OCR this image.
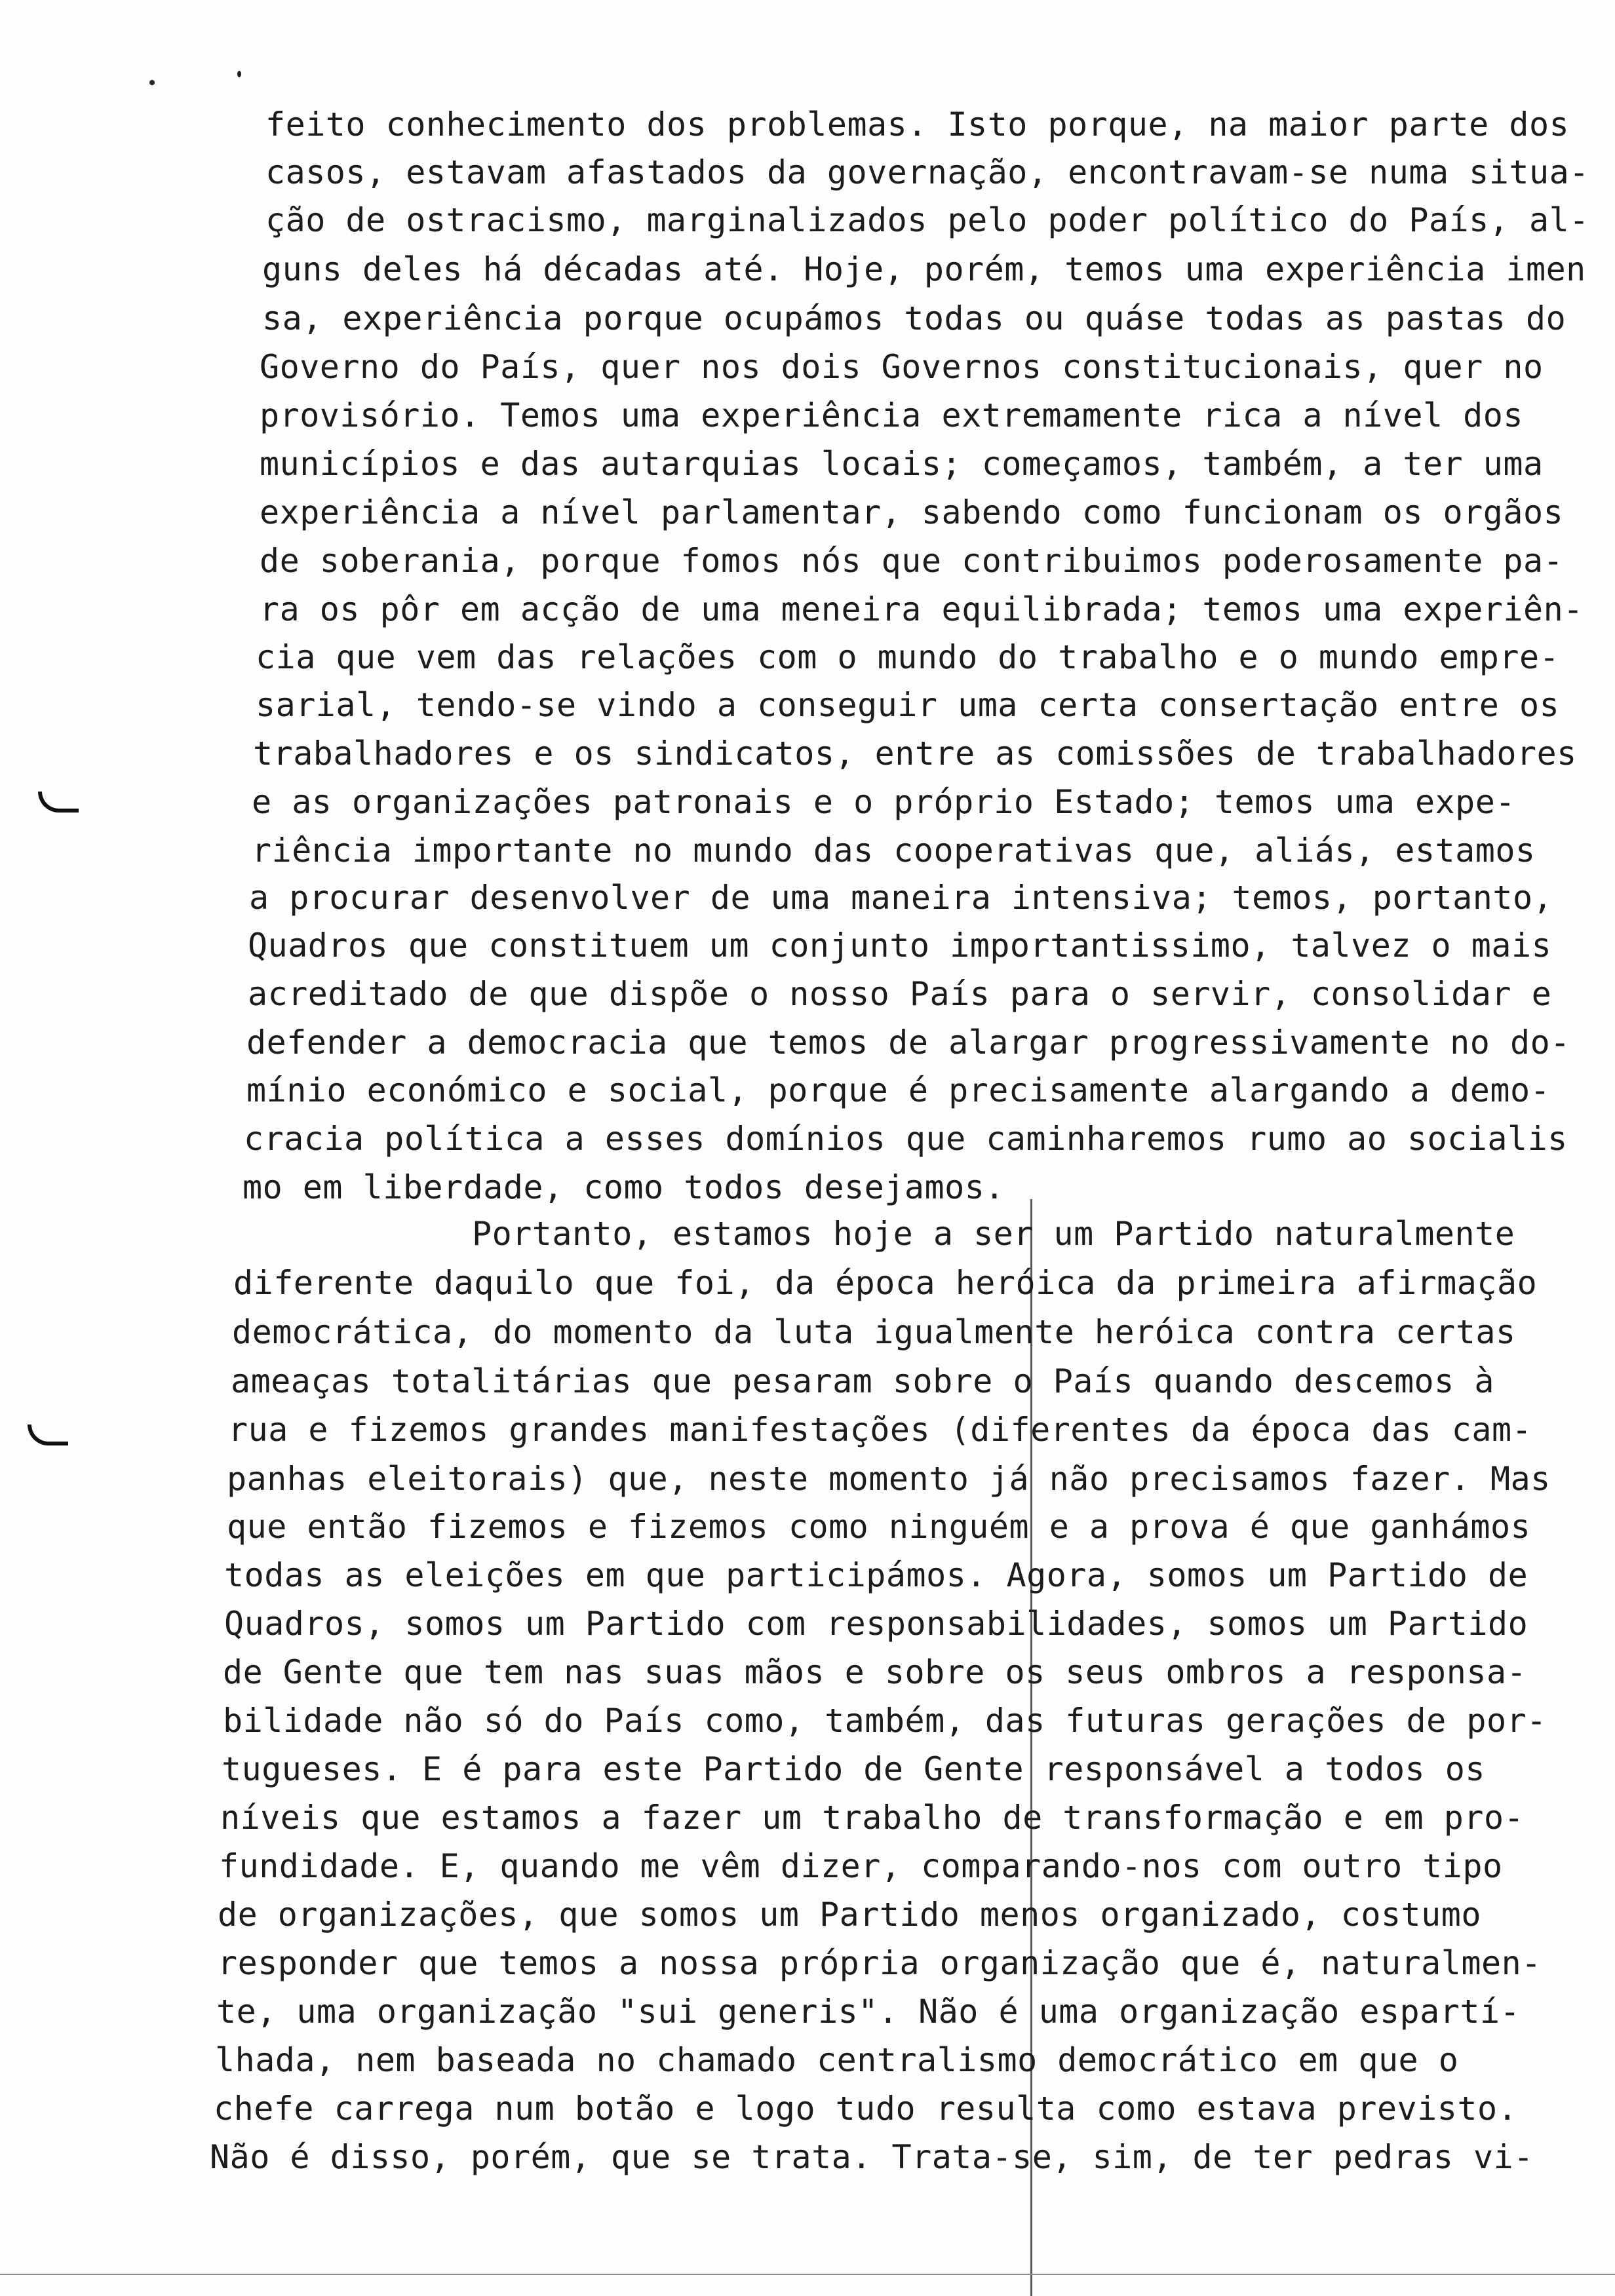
feito conhecimento dos problemas. Isto porque, na maior parte dos
casos, estavam afastados da governação, encontravam-se numa situa-
ção de ostracismo, marginalizados pelo poder político do País, al-
guns deles há décadas até. Hoje, porém, temos uma experiência imen
sa, experiência porque ocupámos todas ou quáse todas as pastas do
Governo do País, quer nos dois Governos constitucionais, quer no
provisório. Temos uma experiência extremamente rica a nível dos
municípios e das autarquias locais; começamos, também, a ter uma
experiência a nível parlamentar, sabendo como funcionam os orgãos
de soberania, porque fomos nós que contribuimos poderosamente pa-
ra os pôr em acção de uma meneira equilibrada; temos uma experiên-
cia que vem das relações com o mundo do trabalho e o mundo empre-
sarial, tendo-se vindo a conseguir uma certa consertação entre os
trabalhadores e os sindicatos, entre as comissões de trabalhadores
e as organizações patronais e o próprio Estado; temos uma expe-
riência importante no mundo das cooperativas que, aliás, estamos
a procurar desenvolver de uma maneira intensiva; temos, portanto,
Quadros que constituem um conjunto importantissimo, talvez o mais
acreditado de que dispõe o nosso País para o servir, consolidar e
defender a democracia que temos de alargar progressivamente no do-
mínio económico e social, porque é precisamente alargando a demo-
cracia política a esses domínios que caminharemos rumo ao socialis
mo em liberdade, como todos desejamos.
Portanto, estamos hoje a ser um Partido naturalmente
diferente daquilo que foi, da época heróica da primeira afirmação
democrática, do momento da luta igualmente heróica contra certas
ameaças totalitárias que pesaram sobre o País quando descemos à
rua e fizemos grandes manifestações (diferentes da época das cam-
panhas eleitorais) que, neste momento já não precisamos fazer. Mas
que então fizemos e fizemos como ninguém e a prova é que ganhámos
todas as eleições em que participámos. Agora, somos um Partido de
Quadros, somos um Partido com responsabilidades, somos um Partido
de Gente que tem nas suas mãos e sobre os seus ombros a responsa-
bilidade não só do País como, também, das futuras gerações de por-
tugueses. E é para este Partido de Gente responsável a todos os
níveis que estamos a fazer um trabalho de transformação e em pro-
fundidade. E, quando me vêm dizer, comparando-nos com outro tipo
de organizações, que somos um Partido menos organizado, costumo
responder que temos a nossa própria organização que é, naturalmen-
te, uma organização "sui generis". Não é uma organização espartí-
lhada, nem baseada no chamado centralismo democrático em que o
chefe carrega num botão e logo tudo resulta como estava previsto.
Não é disso, porém, que se trata. Trata-se, sim, de ter pedras vi-
